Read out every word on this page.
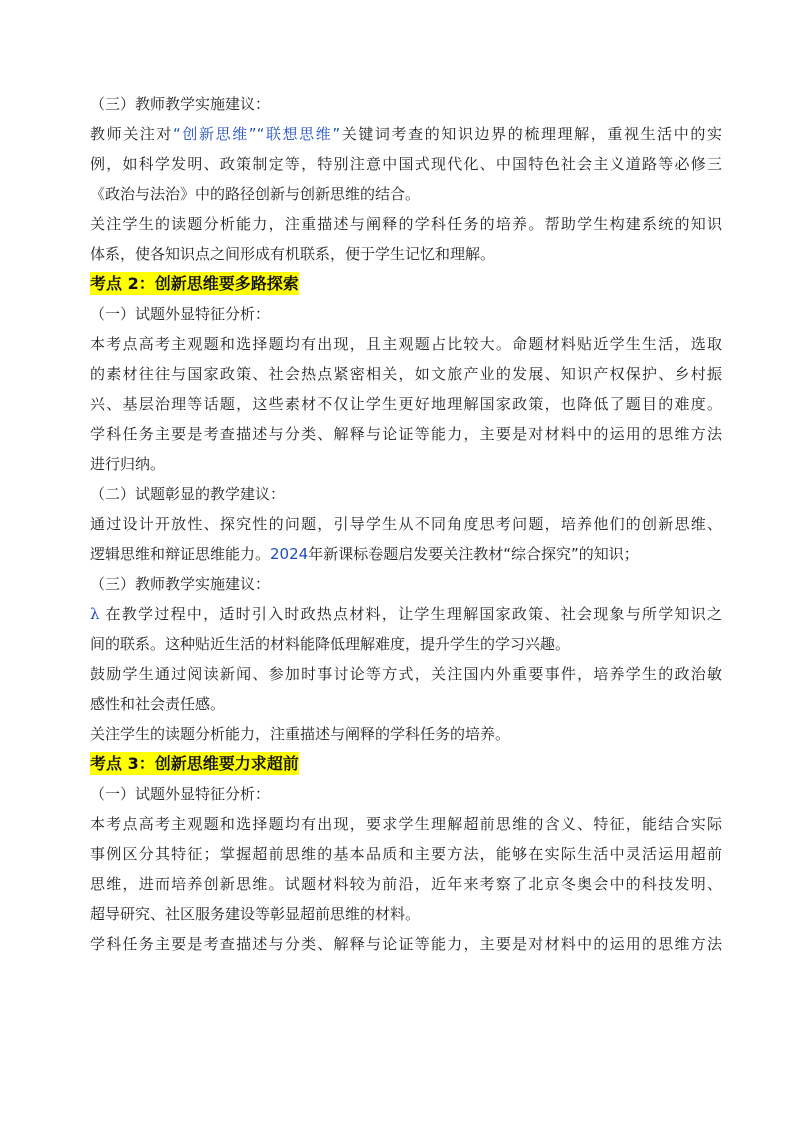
（三）教师教学实施建议：
教师关注对“创新思维”“联想思维”关键词考查的知识边界的梳理理解，重视生活中的实
例，如科学发明、政策制定等，特别注意中国式现代化、中国特色社会主义道路等必修三
《政治与法治》中的路径创新与创新思维的结合。
关注学生的读题分析能力，注重描述与阐释的学科任务的培养。帮助学生构建系统的知识
体系，使各知识点之间形成有机联系，便于学生记忆和理解。
考点 2：创新思维要多路探索
（一）试题外显特征分析：
本考点高考主观题和选择题均有出现，且主观题占比较大。命题材料贴近学生生活，选取
的素材往往与国家政策、社会热点紧密相关，如文旅产业的发展、知识产权保护、乡村振
兴、基层治理等话题，这些素材不仅让学生更好地理解国家政策，也降低了题目的难度。
学科任务主要是考查描述与分类、解释与论证等能力，主要是对材料中的运用的思维方法
进行归纳。
（二）试题彰显的教学建议：
通过设计开放性、探究性的问题，引导学生从不同角度思考问题，培养他们的创新思维、
逻辑思维和辩证思维能力。2024年新课标卷题启发要关注教材“综合探究”的知识；
（三）教师教学实施建议：
λ 在教学过程中，适时引入时政热点材料，让学生理解国家政策、社会现象与所学知识之
间的联系。这种贴近生活的材料能降低理解难度，提升学生的学习兴趣。
鼓励学生通过阅读新闻、参加时事讨论等方式，关注国内外重要事件，培养学生的政治敏
感性和社会责任感。
关注学生的读题分析能力，注重描述与阐释的学科任务的培养。
考点 3：创新思维要力求超前
（一）试题外显特征分析：
本考点高考主观题和选择题均有出现，要求学生理解超前思维的含义、特征，能结合实际
事例区分其特征；掌握超前思维的基本品质和主要方法，能够在实际生活中灵活运用超前
思维，进而培养创新思维。试题材料较为前沿，近年来考察了北京冬奥会中的科技发明、
超导研究、社区服务建设等彰显超前思维的材料。
学科任务主要是考查描述与分类、解释与论证等能力，主要是对材料中的运用的思维方法
